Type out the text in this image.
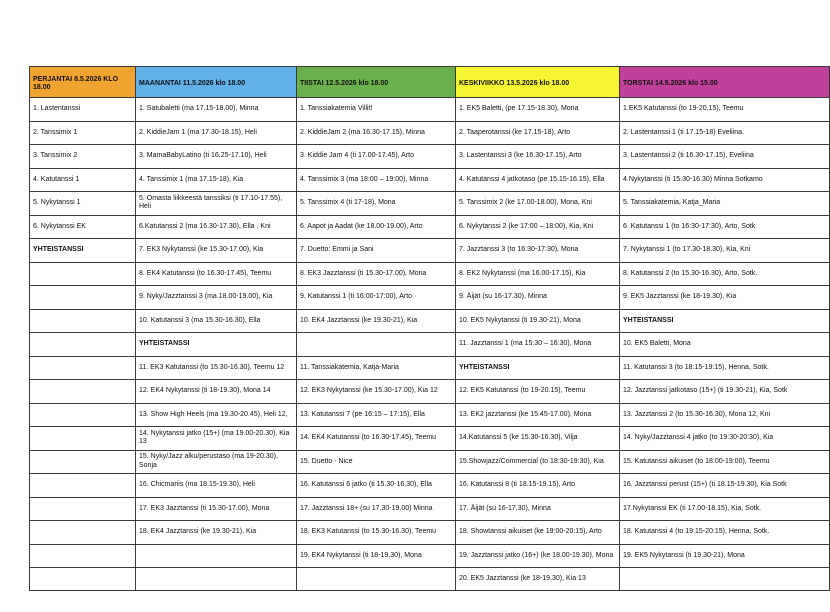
PERJANTAI 8.5.2026 KLO 18.00	MAANANTAI 11.5.2026 klo 18.00	TIISTAI 12.5.2026 klo 18.00	KESKIVIIKKO 13.5.2026 klo 18.00	TORSTAI 14.5.2026 klo 15.00
1. Lastentanssi	1. Satubaletti (ma 17.15-18.00), Minna	1. Tanssiakatemia Villit!	1. EK5 Baletti, (pe 17.15-18.30), Mona	1.EK5 Katutanssi (to 19-20.15), Teemu
2. Tanssimix 1	2. KiddieJam 1 (ma 17.30-18.15), Heli	2. KiddieJam 2 (ma 16.30-17.15), Minna	2. Taaperotanssi (ke 17.15-18), Arto	2. Lastentanssi 1 (ti 17.15-18) Eveliina.
3. Tanssimix 2	3. MamaBabyLatino (ti 16.25-17.10), Heli	3. Kiddie Jam 4 (ti 17.00-17.45), Arto	3. Lastentanssi 3 (ke 16.30-17.15), Arto	3. Lastentanssi 2 (ti 16.30-17.15), Eveliina
4. Katutanssi 1	4. Tanssimix 1 (ma 17.15-18), Kia	4. Tanssimix 3 (ma 18:00 – 19:00), Minna	4. Katutanssi 4 jatkotaso (pe 15.15-16.15), Ella	4.Nykytanssi (ti 15.30-16.30) Minna Sotkamo
5. Nykytanssi 1	5. Omasta liikkeestä tanssiksi (ti 17.10-17.55), Heli	5. Tanssimix 4 (ti 17-18), Mona	5. Tanssimix 2 (ke 17.00-18.00), Mona, Kni	5. Tanssiakatemia, Katja_Maria
6. Nykytanssi EK	6.Katutanssi 2 (ma 16.30-17.30), Ella , Kni	6. Aapot ja Aadat (ke 18.00-19.00), Arto	6. Nykytanssi 2 (ke 17:00 – 18:00), Kia, Kni	6. Katutanssi 1 (to 16:30-17:30), Arto, Sotk
YHTEISTANSSI	7. EK3 Nykytanssi (ke 15.30-17.00), Kia	7. Duetto: Emmi ja Sani	7. Jazztanssi 3 (to 16:30-17:30), Mona	7. Nykytanssi 1 (to 17.30-18.30), Kia, Kni
	8. EK4 Katutanssi (to 16.30-17.45), Teemu	8. EK3 Jazztanssi (ti 15.30-17.00), Mona	8. EK2 Nykytanssi (ma 16.00-17.15), Kia	8. Katutanssi 2 (to 15.30-16.30), Arto, Sotk.
	9. Nyky/Jazztanssi 3 (ma 18.00-19.00), Kia	9. Katutanssi 1 (ti 16:00-17:00), Arto	9. Äijät (su 16-17.30), Minna	9. EK5 Jazztanssi (ke 18-19.30), Kia
	10. Katutanssi 3 (ma 15.30-16.30), Ella	10. EK4 Jazztanssi (ke 19.30-21), Kia	10. EK5 Nykytanssi (ti 19.30-21), Mona	YHTEISTANSSI
	YHTEISTANSSI		11. Jazztanssi 1 (ma 15:30 – 16:30), Mona	10. EK5 Baletti, Mona
	11. EK3 Katutanssi (to 15.30-16.30), Teemu 12	11. Tanssiakatemia, Katja-Maria	YHTEISTANSSI	11. Katutanssi 3 (to 18:15-19:15), Henna, Sotk.
	12. EK4 Nykytanssi (ti 18-19.30), Mona 14	12. EK3 Nykytanssi (ke 15.30-17.00), Kia 12	12. EK5 Katutanssi (to 19-20.15), Teemu	12. Jazztanssi jatkotaso (15+) (ti 19.30-21), Kia, Sotk
	13. Show High Heels (ma 19.30-20.45), Heli 12,	13. Katutanssi 7 (pe 16:15 – 17:15), Ella	13. EK2 jazztanssi (ke 15.45-17.00), Mona	13. Jazztanssi 2 (to 15.30-16.30), Mona 12, Kni
	14. Nykytanssi jatko (15+) (ma 19.00-20.30), Kia 13	14. EK4 Katutanssi (to 16.30-17.45), Teemu	14.Katutanssi 5 (ke 15.30-16.30), Vilja	14. Nyky/Jazztanssi 4 jatko (to 19:30-20:30), Kia
	15. Nyky/Jazz alku/perustaso (ma 19-20.30), Sonja	15. Duetto - Nice	15.Showjazz/Commercial (to 18:30-19:30), Kia	15. Katutanssi aikuiset (to 18:00-19:00), Teemu
	16. Chicmariis (ma 18.15-19.30), Heli	16. Katutanssi 6 jatko (ti 15.30-16.30), Ella	16. Katutanssi 8 (ti 18.15-19.15), Arto	16. Jazztanssi perust (15+) (ti 18.15-19.30), Kia Sotk
	17. EK3 Jazztanssi (ti 15.30-17.00), Mona	17. Jazztanssi 18+ (su 17.30-19.00) Minna	17. Äijät (su 16-17.30), Minna	17.Nykytanssi EK (ti 17.00-18.15), Kia, Sotk.
	18. EK4 Jazztanssi (ke 19.30-21), Kia	18. EK3 Katutanssi (to 15.30-16.30), Teemu	18. Showtanssi aikuiset (ke 19:00-20:15), Arto	18. Katutanssi 4 (to 19:15-20:15), Henna, Sotk.
		19. EK4 Nykytanssi (ti 18-19.30), Mona	19. Jazztanssi jatko (16+) (ke 18.00-19.30), Mona	19. EK5 Nykytanssi (ti 19.30-21), Mona
			20. EK5 Jazztanssi (ke 18-19.30), Kia 13	
